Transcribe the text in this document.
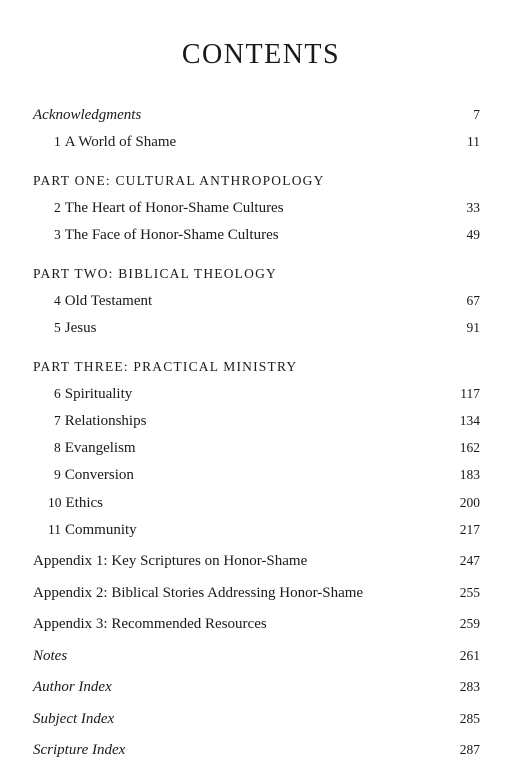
CONTENTS
Acknowledgments	7
1 A World of Shame	11
PART ONE: CULTURAL ANTHROPOLOGY
2 The Heart of Honor-Shame Cultures	33
3 The Face of Honor-Shame Cultures	49
PART TWO: BIBLICAL THEOLOGY
4 Old Testament	67
5 Jesus	91
PART THREE: PRACTICAL MINISTRY
6 Spirituality	117
7 Relationships	134
8 Evangelism	162
9 Conversion	183
10 Ethics	200
11 Community	217
Appendix 1: Key Scriptures on Honor-Shame	247
Appendix 2: Biblical Stories Addressing Honor-Shame	255
Appendix 3: Recommended Resources	259
Notes	261
Author Index	283
Subject Index	285
Scripture Index	287
